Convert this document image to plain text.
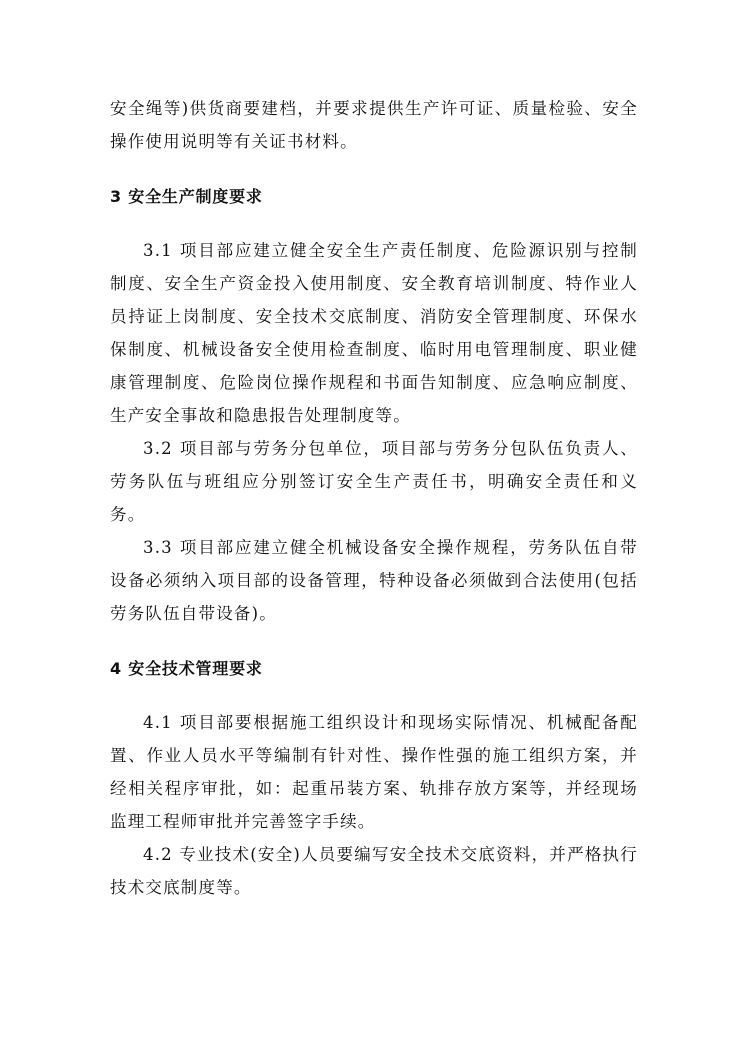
安全绳等)供货商要建档，并要求提供生产许可证、质量检验、安全操作使用说明等有关证书材料。

3 安全生产制度要求

3.1 项目部应建立健全安全生产责任制度、危险源识别与控制制度、安全生产资金投入使用制度、安全教育培训制度、特作业人员持证上岗制度、安全技术交底制度、消防安全管理制度、环保水保制度、机械设备安全使用检查制度、临时用电管理制度、职业健康管理制度、危险岗位操作规程和书面告知制度、应急响应制度、生产安全事故和隐患报告处理制度等。

3.2 项目部与劳务分包单位，项目部与劳务分包队伍负责人、劳务队伍与班组应分别签订安全生产责任书，明确安全责任和义务。

3.3 项目部应建立健全机械设备安全操作规程，劳务队伍自带设备必须纳入项目部的设备管理，特种设备必须做到合法使用(包括劳务队伍自带设备)。

4 安全技术管理要求

4.1 项目部要根据施工组织设计和现场实际情况、机械配备配置、作业人员水平等编制有针对性、操作性强的施工组织方案，并经相关程序审批，如：起重吊装方案、轨排存放方案等，并经现场监理工程师审批并完善签字手续。

4.2 专业技术(安全)人员要编写安全技术交底资料，并严格执行技术交底制度等。
